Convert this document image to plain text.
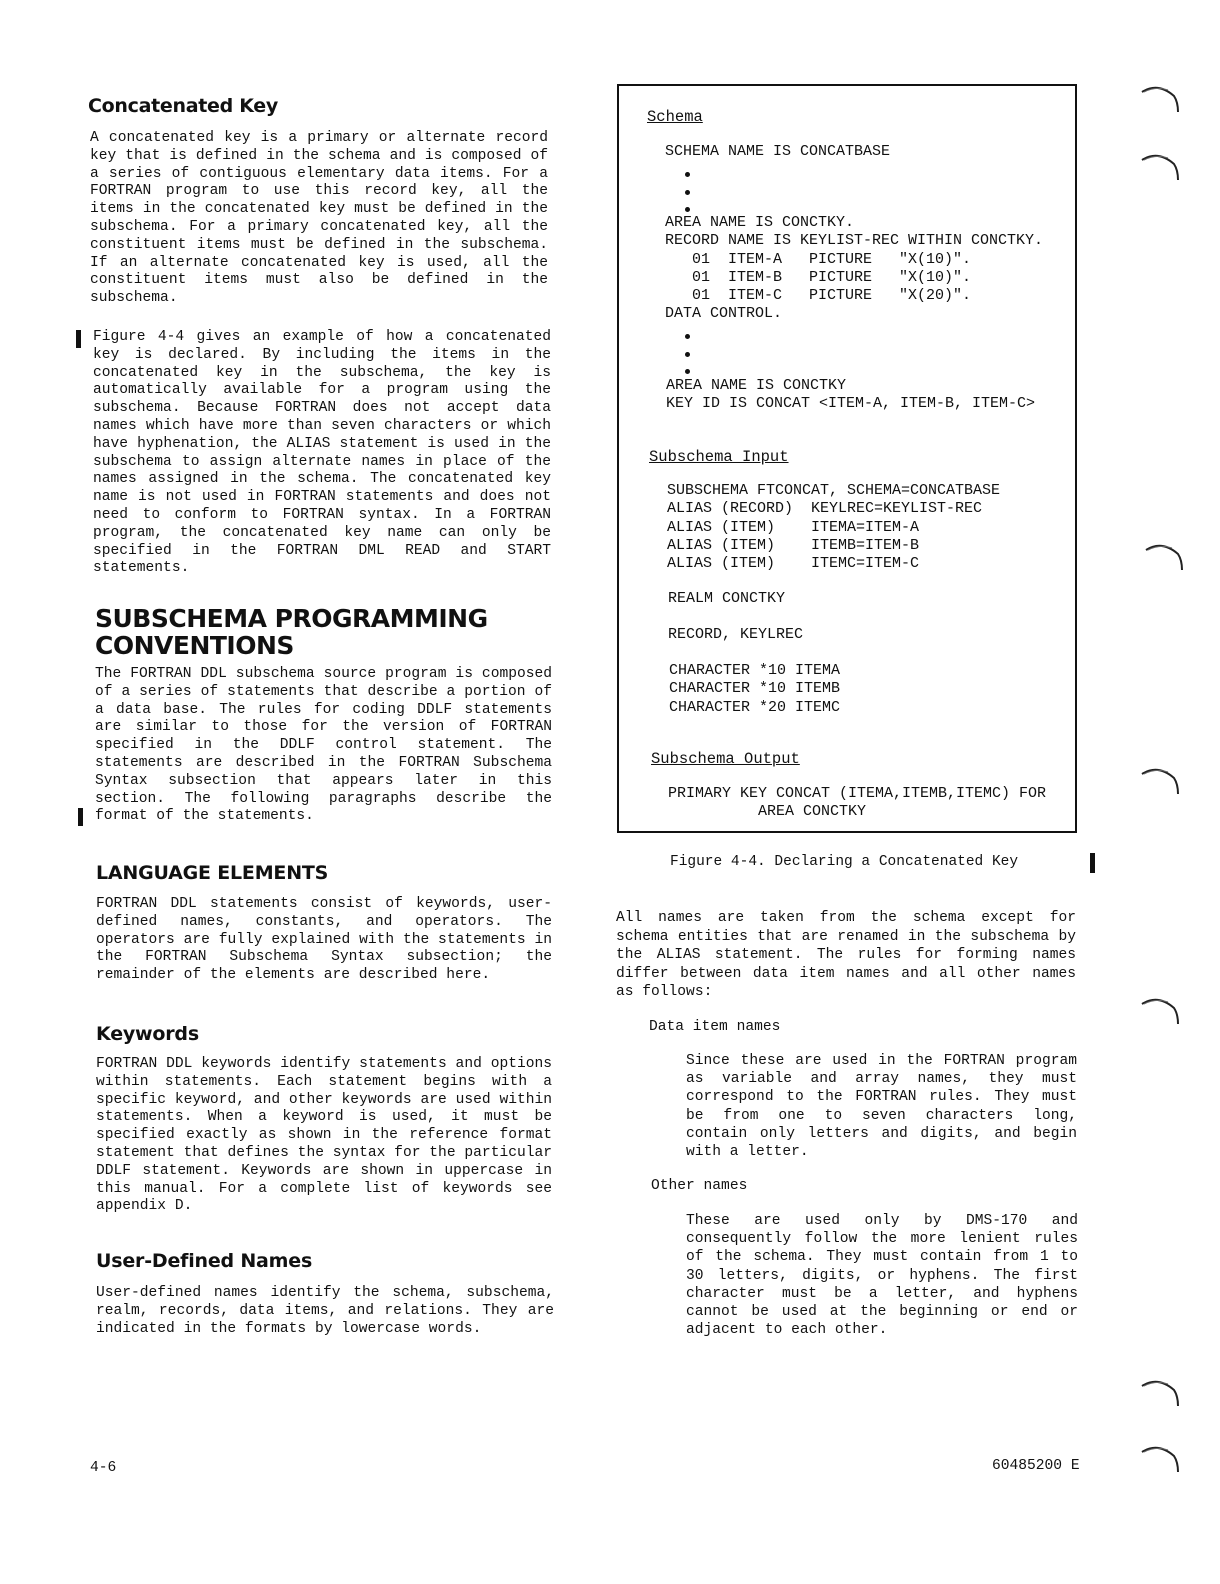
Concatenated Key

A concatenated key is a primary or alternate record key that is defined in the schema and is composed of a series of contiguous elementary data items. For a FORTRAN program to use this record key, all the items in the concatenated key must be defined in the subschema. For a primary concatenated key, all the constituent items must be defined in the subschema. If an alternate concatenated key is used, all the constituent items must also be defined in the subschema.

Figure 4-4 gives an example of how a concatenated key is declared. By including the items in the concatenated key in the subschema, the key is automatically available for a program using the subschema. Because FORTRAN does not accept data names which have more than seven characters or which have hyphenation, the ALIAS statement is used in the subschema to assign alternate names in place of the names assigned in the schema. The concatenated key name is not used in FORTRAN statements and does not need to conform to FORTRAN syntax. In a FORTRAN program, the concatenated key name can only be specified in the FORTRAN DML READ and START statements.

SUBSCHEMA PROGRAMMING
CONVENTIONS

The FORTRAN DDL subschema source program is composed of a series of statements that describe a portion of a data base. The rules for coding DDLF statements are similar to those for the version of FORTRAN specified in the DDLF control statement. The statements are described in the FORTRAN Subschema Syntax subsection that appears later in this section. The following paragraphs describe the format of the statements.

LANGUAGE ELEMENTS

FORTRAN DDL statements consist of keywords, user-defined names, constants, and operators. The operators are fully explained with the statements in the FORTRAN Subschema Syntax subsection; the remainder of the elements are described here.

Keywords

FORTRAN DDL keywords identify statements and options within statements. Each statement begins with a specific keyword, and other keywords are used within statements. When a keyword is used, it must be specified exactly as shown in the reference format statement that defines the syntax for the particular DDLF statement. Keywords are shown in uppercase in this manual. For a complete list of keywords see appendix D.

User-Defined Names

User-defined names identify the schema, subschema, realm, records, data items, and relations. They are indicated in the formats by lowercase words.

Schema
SCHEMA NAME IS CONCATBASE
AREA NAME IS CONCTKY.
RECORD NAME IS KEYLIST-REC WITHIN CONCTKY.
01  ITEM-A   PICTURE   "X(10)".
01  ITEM-B   PICTURE   "X(10)".
01  ITEM-C   PICTURE   "X(20)".
DATA CONTROL.
AREA NAME IS CONCTKY
KEY ID IS CONCAT <ITEM-A, ITEM-B, ITEM-C>
Subschema Input
SUBSCHEMA FTCONCAT, SCHEMA=CONCATBASE
ALIAS (RECORD)  KEYLREC=KEYLIST-REC
ALIAS (ITEM)    ITEMA=ITEM-A
ALIAS (ITEM)    ITEMB=ITEM-B
ALIAS (ITEM)    ITEMC=ITEM-C
REALM CONCTKY
RECORD, KEYLREC
CHARACTER *10 ITEMA
CHARACTER *10 ITEMB
CHARACTER *20 ITEMC
Subschema Output
PRIMARY KEY CONCAT (ITEMA,ITEMB,ITEMC) FOR
AREA CONCTKY
Figure 4-4. Declaring a Concatenated Key

All names are taken from the schema except for schema entities that are renamed in the subschema by the ALIAS statement. The rules for forming names differ between data item names and all other names as follows:

Data item names

Since these are used in the FORTRAN program as variable and array names, they must correspond to the FORTRAN rules. They must be from one to seven characters long, contain only letters and digits, and begin with a letter.

Other names

These are used only by DMS-170 and consequently follow the more lenient rules of the schema. They must contain from 1 to 30 letters, digits, or hyphens. The first character must be a letter, and hyphens cannot be used at the beginning or end or adjacent to each other.

4-6	60485200 E
